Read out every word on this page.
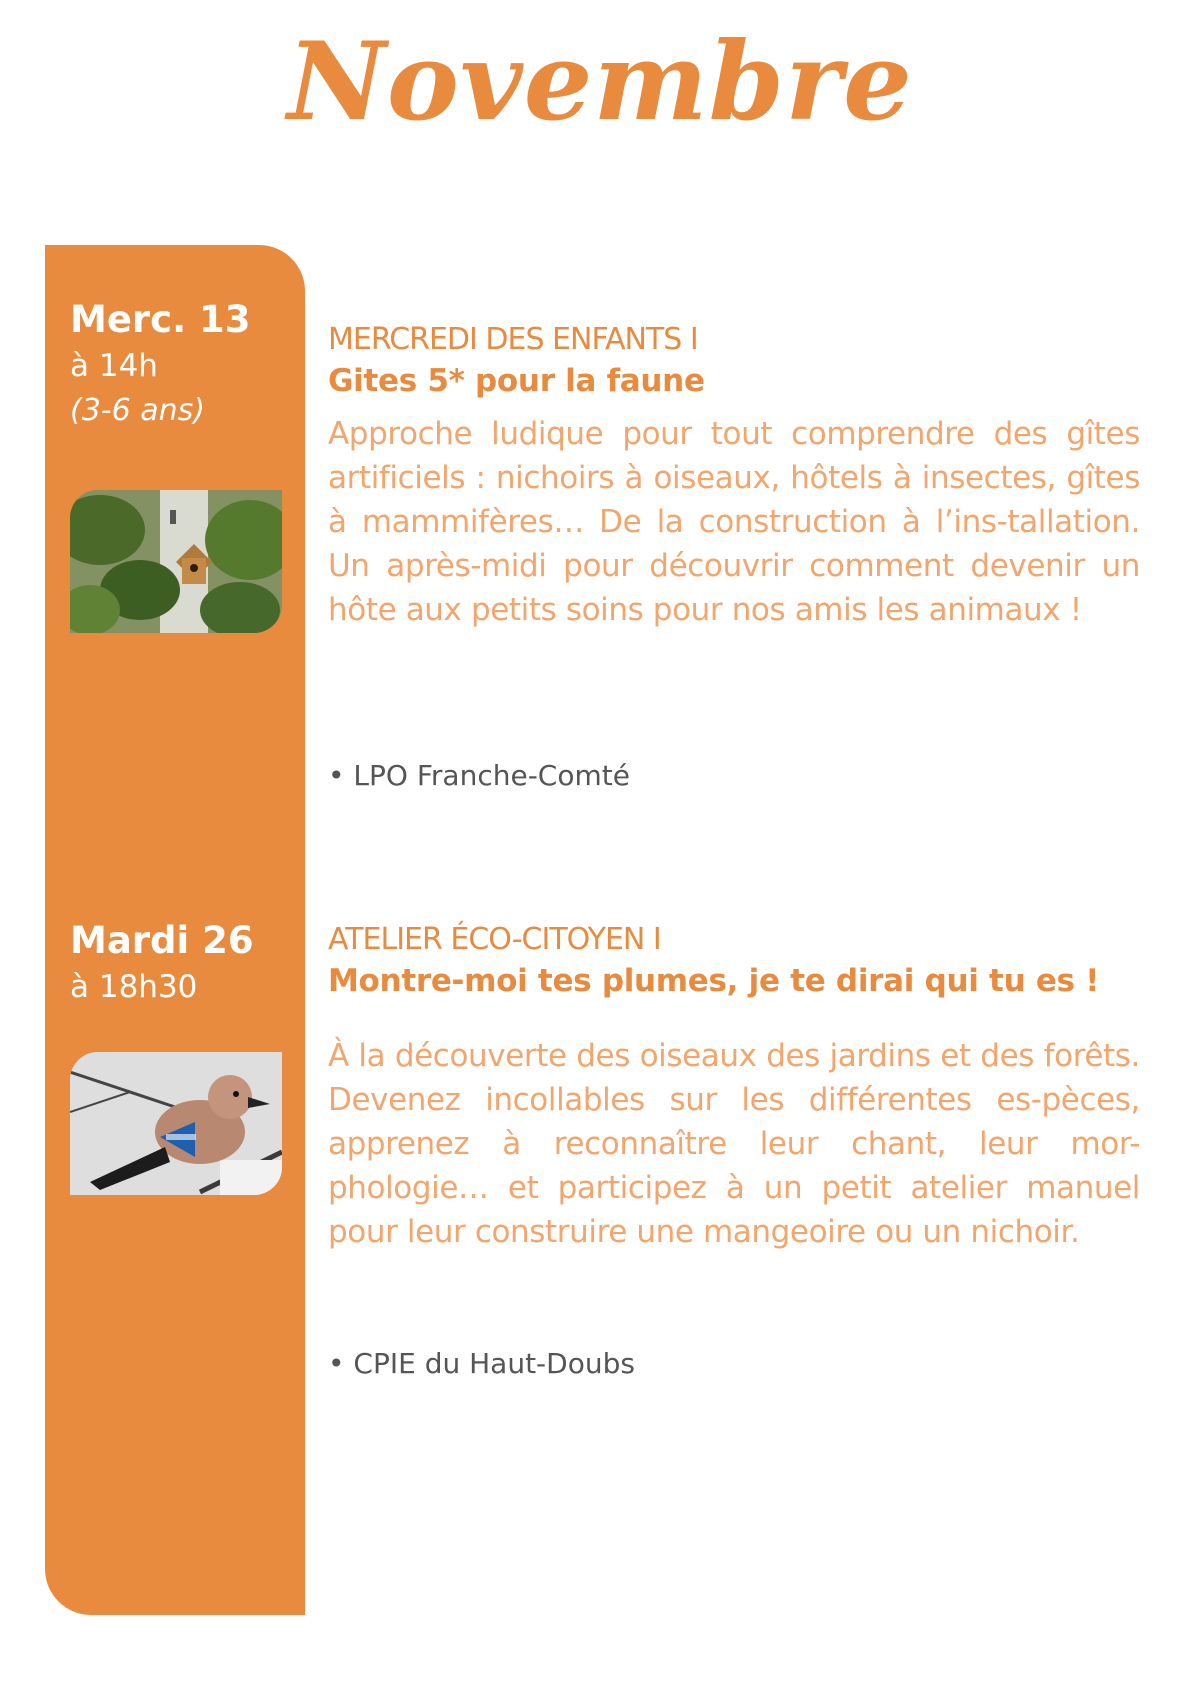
Novembre
Merc. 13
à 14h
(3-6 ans)
MERCREDI DES ENFANTS I
Gites 5* pour la faune

Approche ludique pour tout comprendre des gîtes artificiels : nichoirs à oiseaux, hôtels à insectes, gîtes à mammifères… De la construction à l’ins-tallation. Un après-midi pour découvrir comment devenir un hôte aux petits soins pour nos amis les animaux !

• LPO Franche-Comté
Mardi 26
à 18h30
ATELIER ÉCO-CITOYEN I
Montre-moi tes plumes, je te dirai qui tu es !

À la découverte des oiseaux des jardins et des forêts. Devenez incollables sur les différentes es-pèces, apprenez à reconnaître leur chant, leur mor-phologie… et participez à un petit atelier manuel pour leur construire une mangeoire ou un nichoir.

• CPIE du Haut-Doubs
